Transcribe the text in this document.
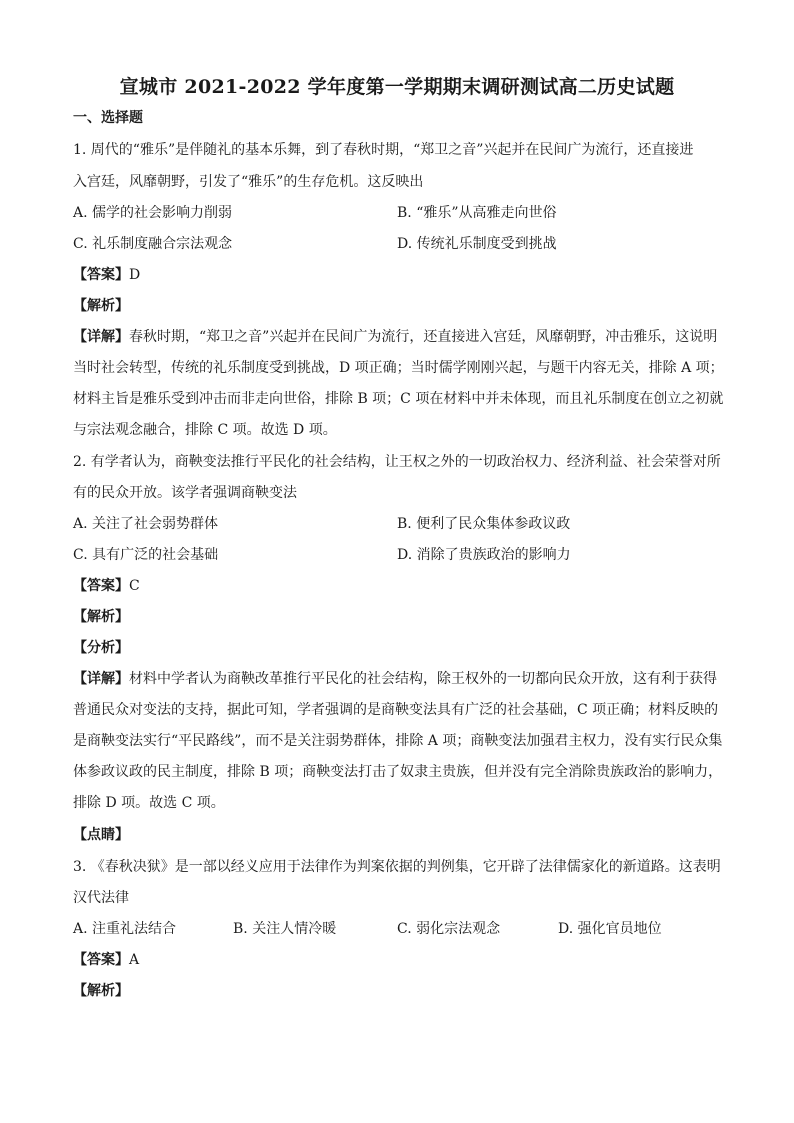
宣城市 2021-2022 学年度第一学期期末调研测试高二历史试题
一、选择题
1. 周代的“雅乐”是伴随礼的基本乐舞，到了春秋时期，“郑卫之音”兴起并在民间广为流行，还直接进
入宫廷，风靡朝野，引发了“雅乐”的生存危机。这反映出
A. 儒学的社会影响力削弱	B. “雅乐”从高雅走向世俗
C. 礼乐制度融合宗法观念	D. 传统礼乐制度受到挑战
【答案】D
【解析】
【详解】春秋时期，“郑卫之音”兴起并在民间广为流行，还直接进入宫廷，风靡朝野，冲击雅乐，这说明
当时社会转型，传统的礼乐制度受到挑战，D 项正确；当时儒学刚刚兴起，与题干内容无关，排除 A 项；
材料主旨是雅乐受到冲击而非走向世俗，排除 B 项；C 项在材料中并未体现，而且礼乐制度在创立之初就
与宗法观念融合，排除 C 项。故选 D 项。
2. 有学者认为，商鞅变法推行平民化的社会结构，让王权之外的一切政治权力、经济利益、社会荣誉对所
有的民众开放。该学者强调商鞅变法
A. 关注了社会弱势群体	B. 便利了民众集体参政议政
C. 具有广泛的社会基础	D. 消除了贵族政治的影响力
【答案】C
【解析】
【分析】
【详解】材料中学者认为商鞅改革推行平民化的社会结构，除王权外的一切都向民众开放，这有利于获得
普通民众对变法的支持，据此可知，学者强调的是商鞅变法具有广泛的社会基础，C 项正确；材料反映的
是商鞅变法实行“平民路线”，而不是关注弱势群体，排除 A 项；商鞅变法加强君主权力，没有实行民众集
体参政议政的民主制度，排除 B 项；商鞅变法打击了奴隶主贵族，但并没有完全消除贵族政治的影响力，
排除 D 项。故选 C 项。
【点睛】
3. 《春秋决狱》是一部以经义应用于法律作为判案依据的判例集，它开辟了法律儒家化的新道路。这表明
汉代法律
A. 注重礼法结合	B. 关注人情冷暖	C. 弱化宗法观念	D. 强化官员地位
【答案】A
【解析】
